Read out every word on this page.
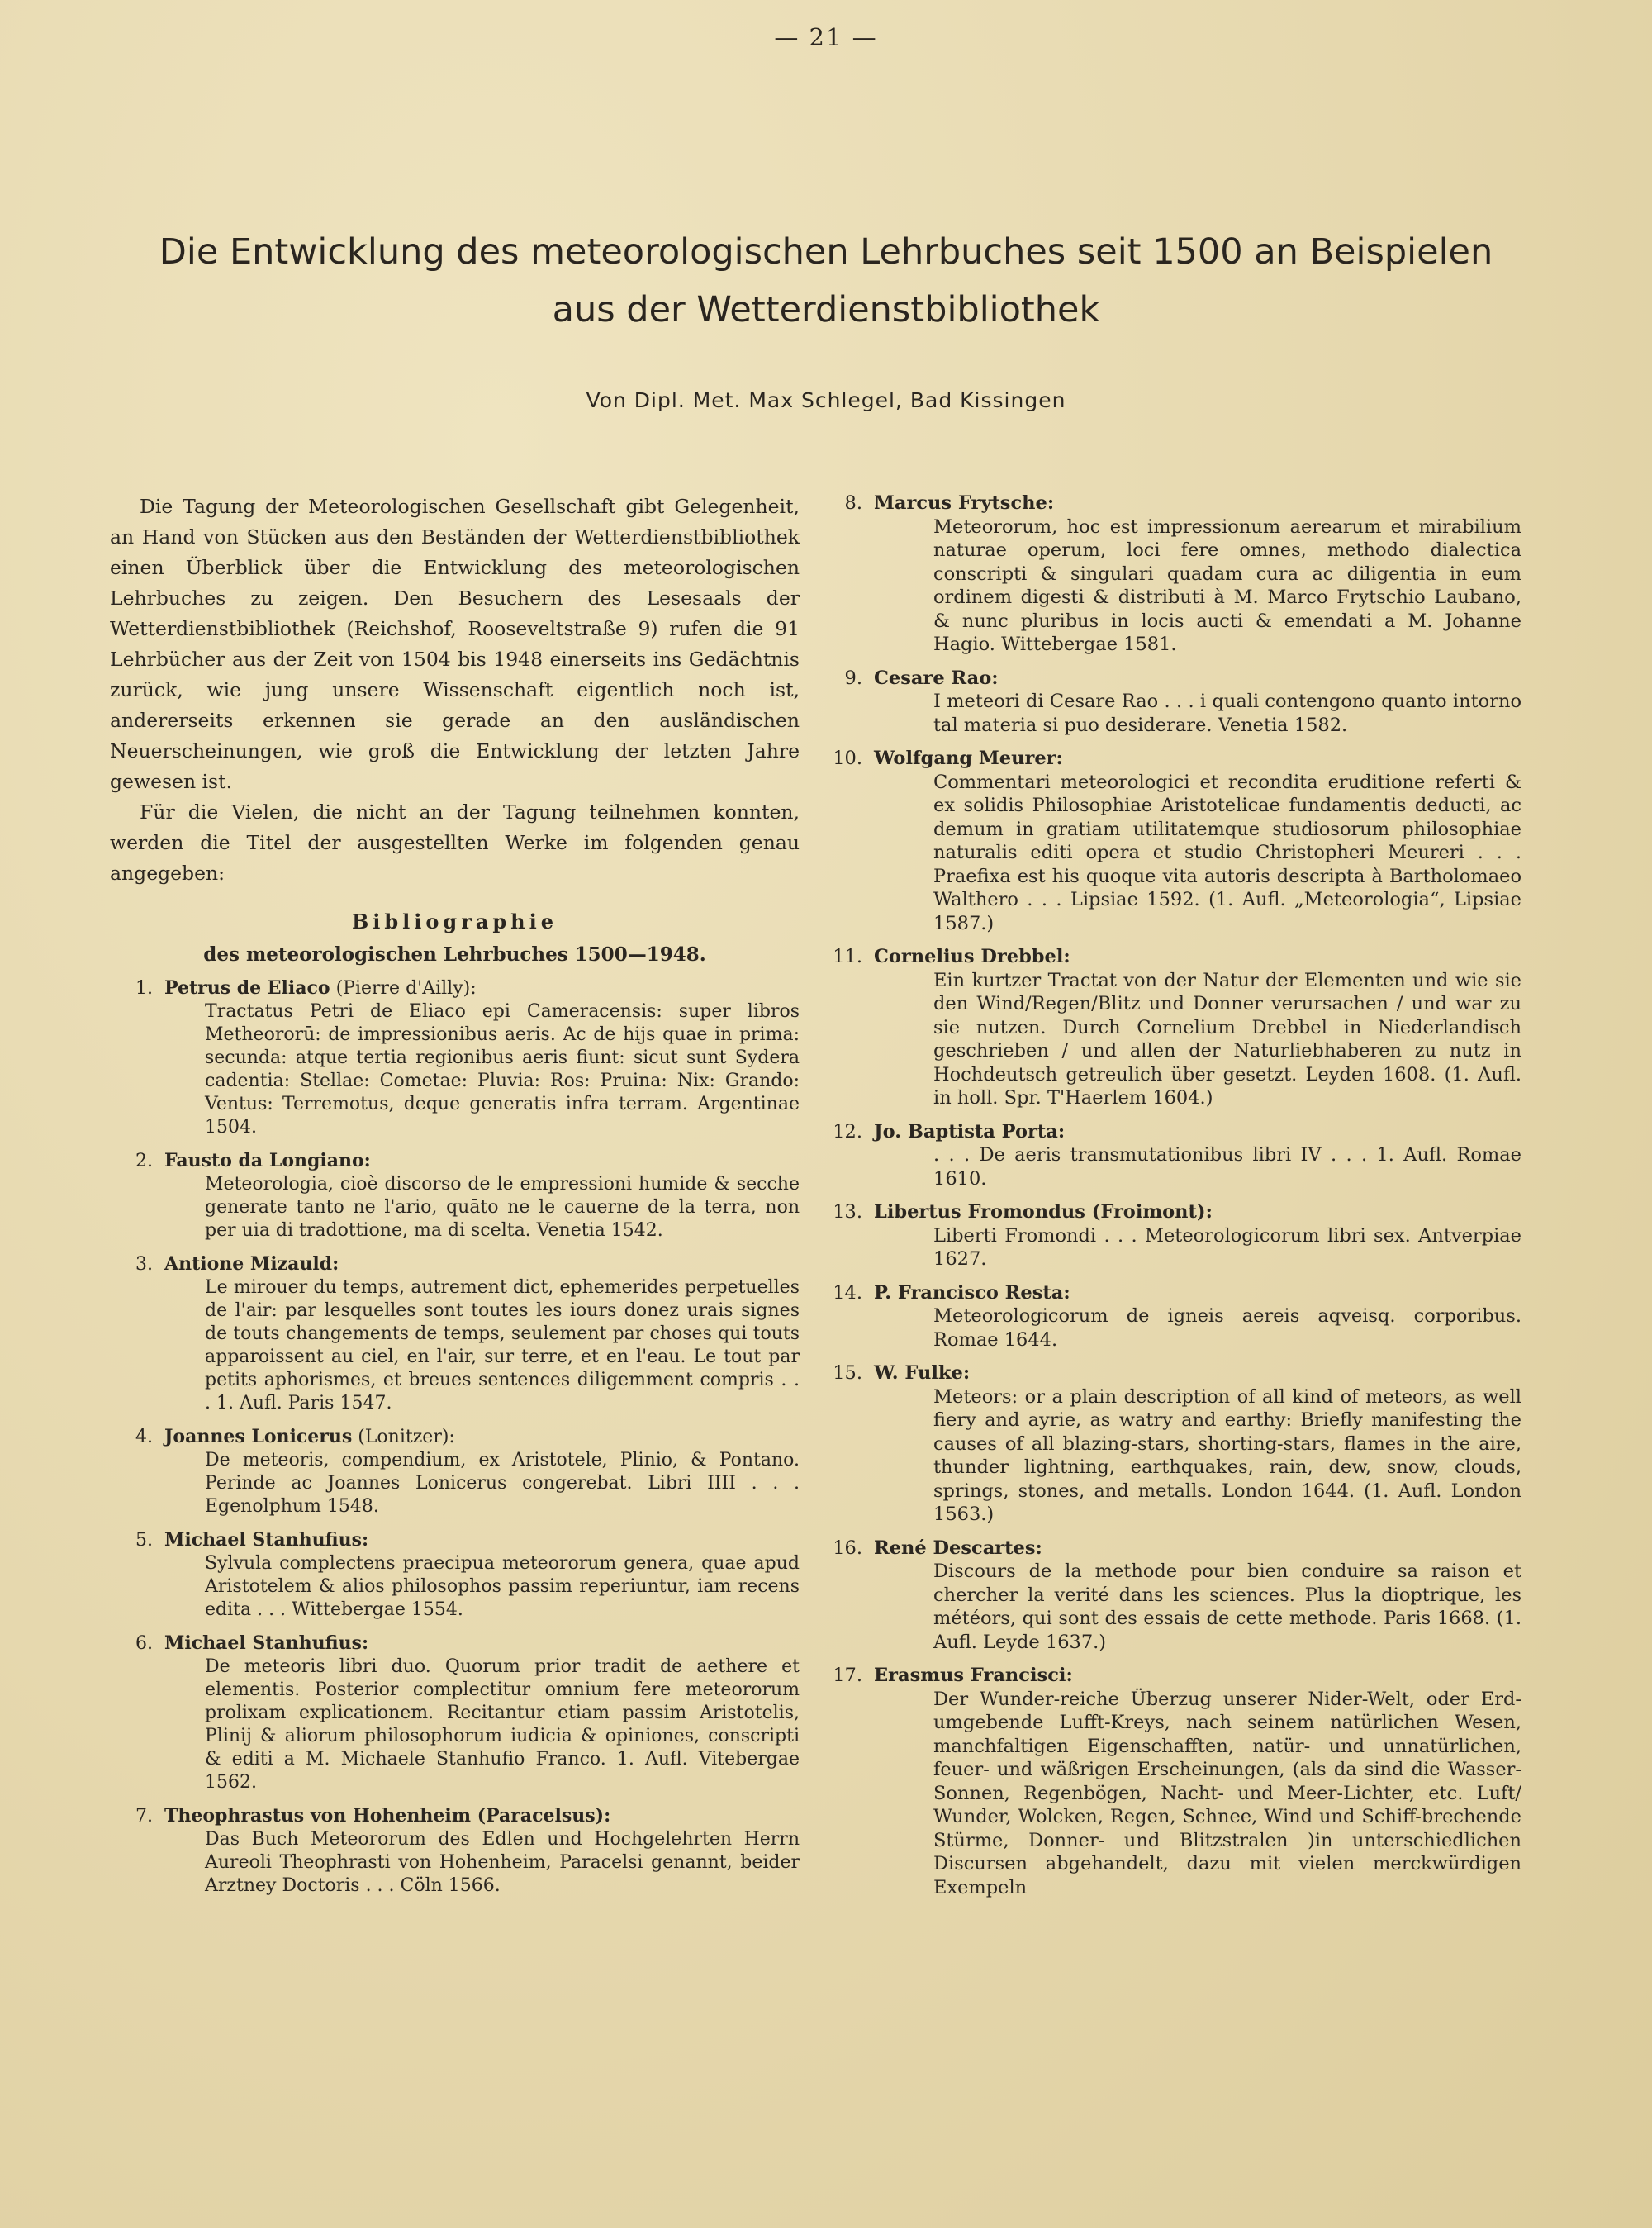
— 21 —
Die Entwicklung des meteorologischen Lehrbuches seit 1500 an Beispielen
aus der Wetterdienstbibliothek
Von Dipl. Met. Max Schlegel, Bad Kissingen

Die Tagung der Meteorologischen Gesellschaft gibt Gelegenheit, an Hand von Stücken aus den Beständen der Wetterdienstbibliothek einen Überblick über die Entwicklung des meteorologischen Lehrbuches zu zeigen. Den Besuchern des Lesesaals der Wetterdienstbibliothek (Reichshof, Rooseveltstraße 9) rufen die 91 Lehrbücher aus der Zeit von 1504 bis 1948 einerseits ins Gedächtnis zurück, wie jung unsere Wissenschaft eigentlich noch ist, andererseits erkennen sie gerade an den ausländischen Neuerscheinungen, wie groß die Entwicklung der letzten Jahre gewesen ist.

Für die Vielen, die nicht an der Tagung teilnehmen konnten, werden die Titel der ausgestellten Werke im folgenden genau angegeben:

Bibliographie
des meteorologischen Lehrbuches 1500—1948.
1. Petrus de Eliaco (Pierre d'Ailly):
Tractatus Petri de Eliaco epi Cameracensis: super libros Metheororū: de impressionibus aeris. Ac de hijs quae in prima: secunda: atque tertia regionibus aeris fiunt: sicut sunt Sydera cadentia: Stellae: Cometae: Pluvia: Ros: Pruina: Nix: Grando: Ventus: Terremotus, deque generatis infra terram. Argentinae 1504.
2. Fausto da Longiano:
Meteorologia, cioè discorso de le empressioni humide & secche generate tanto ne l'ario, quāto ne le cauerne de la terra, non per uia di tradottione, ma di scelta. Venetia 1542.
3. Antione Mizauld:
Le mirouer du temps, autrement dict, ephemerides perpetuelles de l'air: par lesquelles sont toutes les iours donez urais signes de touts changements de temps, seulement par choses qui touts apparoissent au ciel, en l'air, sur terre, et en l'eau. Le tout par petits aphorismes, et breues sentences diligemment compris . . . 1. Aufl. Paris 1547.
4. Joannes Lonicerus (Lonitzer):
De meteoris, compendium, ex Aristotele, Plinio, & Pontano. Perinde ac Joannes Lonicerus congerebat. Libri IIII . . . Egenolphum 1548.
5. Michael Stanhufius:
Sylvula complectens praecipua meteororum genera, quae apud Aristotelem & alios philosophos passim reperiuntur, iam recens edita . . . Wittebergae 1554.
6. Michael Stanhufius:
De meteoris libri duo. Quorum prior tradit de aethere et elementis. Posterior complectitur omnium fere meteororum prolixam explicationem. Recitantur etiam passim Aristotelis, Plinij & aliorum philosophorum iudicia & opiniones, conscripti & editi a M. Michaele Stanhufio Franco. 1. Aufl. Vitebergae 1562.
7. Theophrastus von Hohenheim (Paracelsus):
Das Buch Meteororum des Edlen und Hochgelehrten Herrn Aureoli Theophrasti von Hohenheim, Paracelsi genannt, beider Arztney Doctoris . . . Cöln 1566.
8. Marcus Frytsche:
Meteororum, hoc est impressionum aerearum et mirabilium naturae operum, loci fere omnes, methodo dialectica conscripti & singulari quadam cura ac diligentia in eum ordinem digesti & distributi à M. Marco Frytschio Laubano, & nunc pluribus in locis aucti & emendati a M. Johanne Hagio. Wittebergae 1581.
9. Cesare Rao:
I meteori di Cesare Rao . . . i quali contengono quanto intorno tal materia si puo desiderare. Venetia 1582.
10. Wolfgang Meurer:
Commentari meteorologici et recondita eruditione referti & ex solidis Philosophiae Aristotelicae fundamentis deducti, ac demum in gratiam utilitatemque studiosorum philosophiae naturalis editi opera et studio Christopheri Meureri . . . Praefixa est his quoque vita autoris descripta à Bartholomaeo Walthero . . . Lipsiae 1592. (1. Aufl. „Meteorologia“, Lipsiae 1587.)
11. Cornelius Drebbel:
Ein kurtzer Tractat von der Natur der Elementen und wie sie den Wind/Regen/Blitz und Donner verursachen / und war zu sie nutzen. Durch Cornelium Drebbel in Niederlandisch geschrieben / und allen der Naturliebhaberen zu nutz in Hochdeutsch getreulich über gesetzt. Leyden 1608. (1. Aufl. in holl. Spr. T'Haerlem 1604.)
12. Jo. Baptista Porta:
. . . De aeris transmutationibus libri IV . . . 1. Aufl. Romae 1610.
13. Libertus Fromondus (Froimont):
Liberti Fromondi . . . Meteorologicorum libri sex. Antverpiae 1627.
14. P. Francisco Resta:
Meteorologicorum de igneis aereis aqveisq. corporibus. Romae 1644.
15. W. Fulke:
Meteors: or a plain description of all kind of meteors, as well fiery and ayrie, as watry and earthy: Briefly manifesting the causes of all blazing-stars, shorting-stars, flames in the aire, thunder lightning, earthquakes, rain, dew, snow, clouds, springs, stones, and metalls. London 1644. (1. Aufl. London 1563.)
16. René Descartes:
Discours de la methode pour bien conduire sa raison et chercher la verité dans les sciences. Plus la dioptrique, les météors, qui sont des essais de cette methode. Paris 1668. (1. Aufl. Leyde 1637.)
17. Erasmus Francisci:
Der Wunder-reiche Überzug unserer Nider-Welt, oder Erd-umgebende Lufft-Kreys, nach seinem natürlichen Wesen, manchfaltigen Eigenschafften, natür- und unnatürlichen, feuer- und wäßrigen Erscheinungen, (als da sind die Wasser-Sonnen, Regenbögen, Nacht- und Meer-Lichter, etc. Luft/ Wunder, Wolcken, Regen, Schnee, Wind und Schiff-brechende Stürme, Donner- und Blitzstralen )in unterschiedlichen Discursen abgehandelt, dazu mit vielen merckwürdigen Exempeln
